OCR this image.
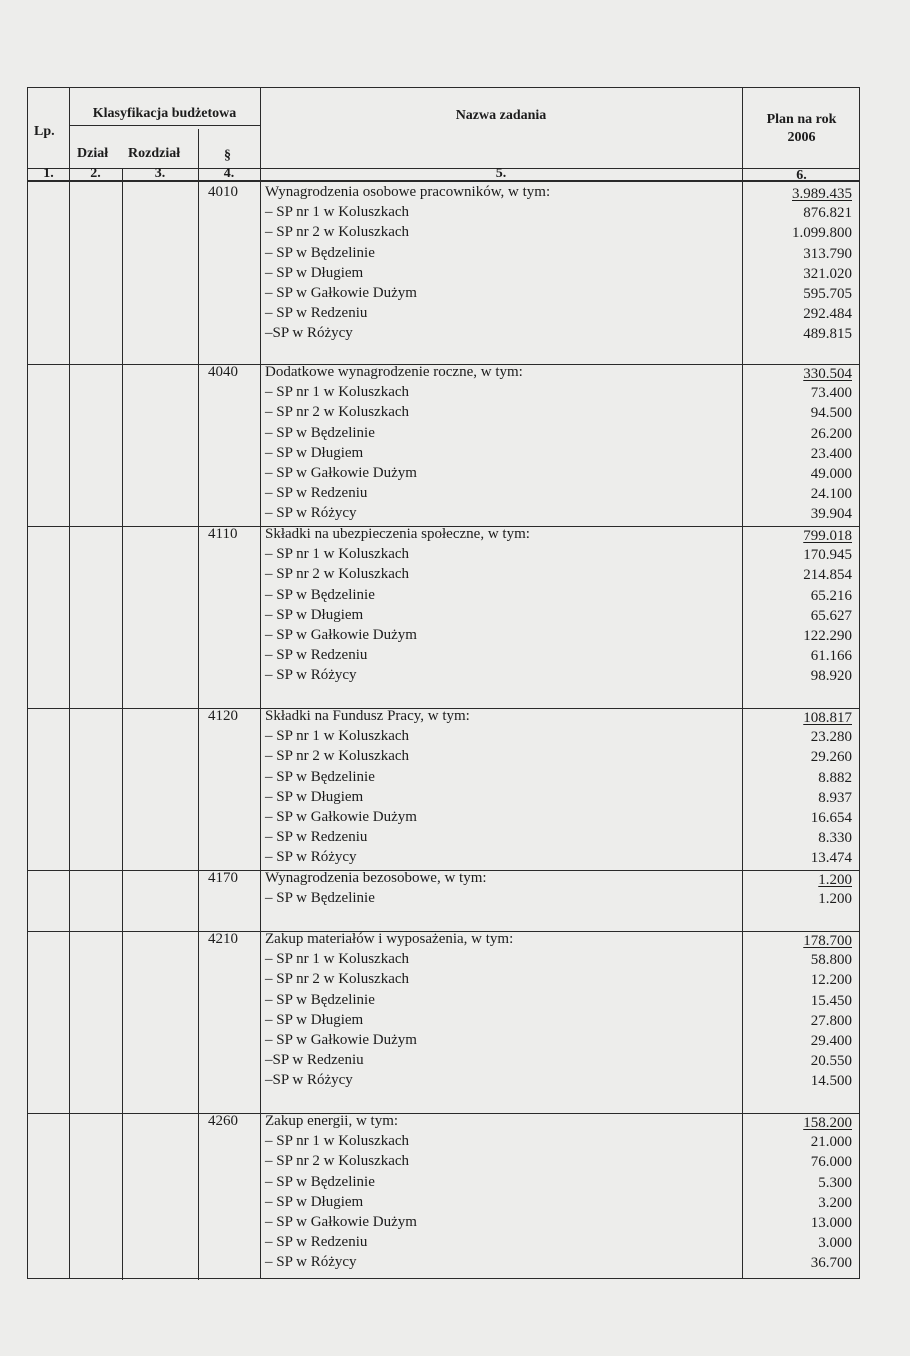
Lp.
Klasyfikacja budżetowa
Dział Rozdział	§
Nazwa zadania	Plan na rok
2006
1.	2.	3.	4.	5.	6.
4010 Wynagrodzenia osobowe pracowników, w tym:	3.989.435
– SP nr 1 w Koluszkach	876.821
– SP nr 2 w Koluszkach	1.099.800
– SP w Będzelinie	313.790
– SP w Długiem	321.020
– SP w Gałkowie Dużym	595.705
– SP w Redzeniu	292.484
–SP w Różycy	489.815
4040 Dodatkowe wynagrodzenie roczne, w tym:	330.504
– SP nr 1 w Koluszkach	73.400
– SP nr 2 w Koluszkach	94.500
– SP w Będzelinie	26.200
– SP w Długiem	23.400
– SP w Gałkowie Dużym	49.000
– SP w Redzeniu	24.100
– SP w Różycy	39.904
4110 Składki na ubezpieczenia społeczne, w tym:	799.018
– SP nr 1 w Koluszkach	170.945
– SP nr 2 w Koluszkach	214.854
– SP w Będzelinie	65.216
– SP w Długiem	65.627
– SP w Gałkowie Dużym	122.290
– SP w Redzeniu	61.166
– SP w Różycy	98.920
4120 Składki na Fundusz Pracy, w tym:	108.817
– SP nr 1 w Koluszkach	23.280
– SP nr 2 w Koluszkach	29.260
– SP w Będzelinie	8.882
– SP w Długiem	8.937
– SP w Gałkowie Dużym	16.654
– SP w Redzeniu	8.330
– SP w Różycy	13.474
4170 Wynagrodzenia bezosobowe, w tym:	1.200
– SP w Będzelinie	1.200
4210 Zakup materiałów i wyposażenia, w tym:	178.700
– SP nr 1 w Koluszkach	58.800
– SP nr 2 w Koluszkach	12.200
– SP w Będzelinie	15.450
– SP w Długiem	27.800
– SP w Gałkowie Dużym	29.400
–SP w Redzeniu	20.550
–SP w Różycy	14.500
4260 Zakup energii, w tym:	158.200
– SP nr 1 w Koluszkach	21.000
– SP nr 2 w Koluszkach	76.000
– SP w Będzelinie	5.300
– SP w Długiem	3.200
– SP w Gałkowie Dużym	13.000
– SP w Redzeniu	3.000
– SP w Różycy	36.700
